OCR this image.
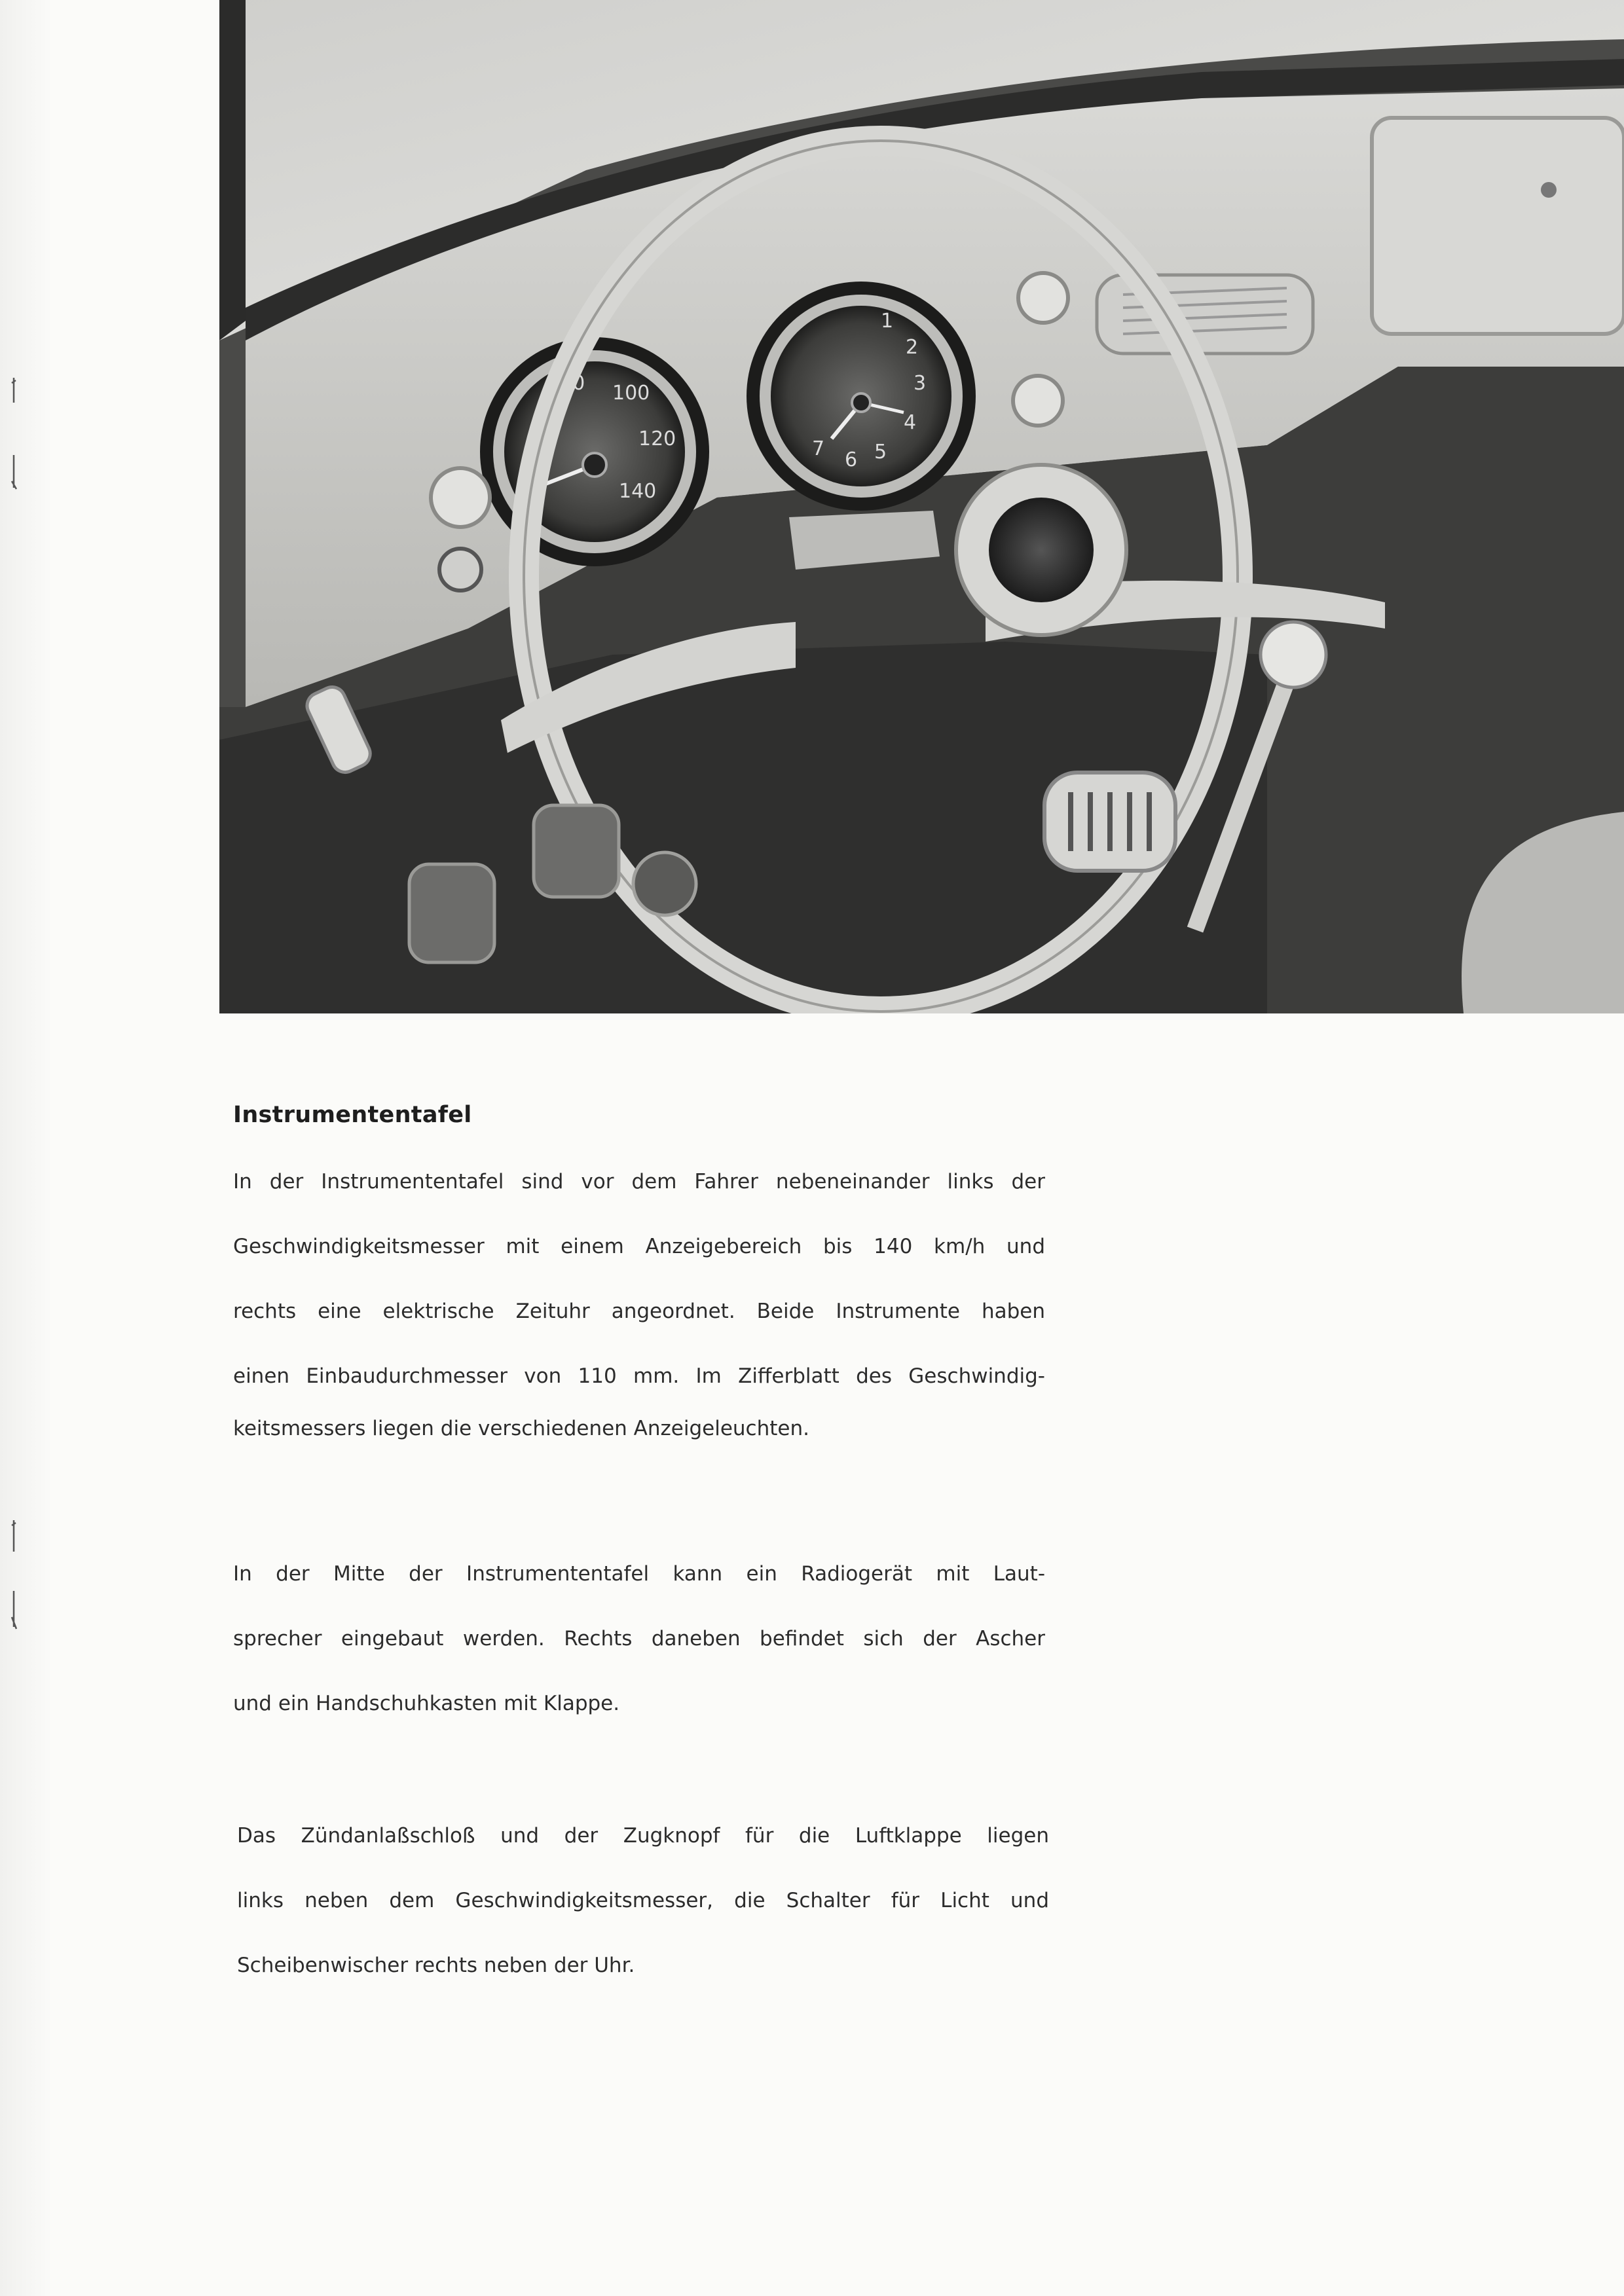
80 100
120
140
1
2
3
4
5
6
7
Instrumententafel

In der Instrumententafel sind vor dem Fahrer nebeneinander links der
Geschwindigkeitsmesser mit einem Anzeigebereich bis 140 km/h und
rechts eine elektrische Zeituhr angeordnet. Beide Instrumente haben
einen Einbaudurchmesser von 110 mm. Im Zifferblatt des Geschwindig-
keitsmessers liegen die verschiedenen Anzeigeleuchten.

In der Mitte der Instrumententafel kann ein Radiogerät mit Laut-
sprecher eingebaut werden. Rechts daneben befindet sich der Ascher
und ein Handschuhkasten mit Klappe.

Das Zündanlaßschloß und der Zugknopf für die Luftklappe liegen
links neben dem Geschwindigkeitsmesser, die Schalter für Licht und
Scheibenwischer rechts neben der Uhr.
